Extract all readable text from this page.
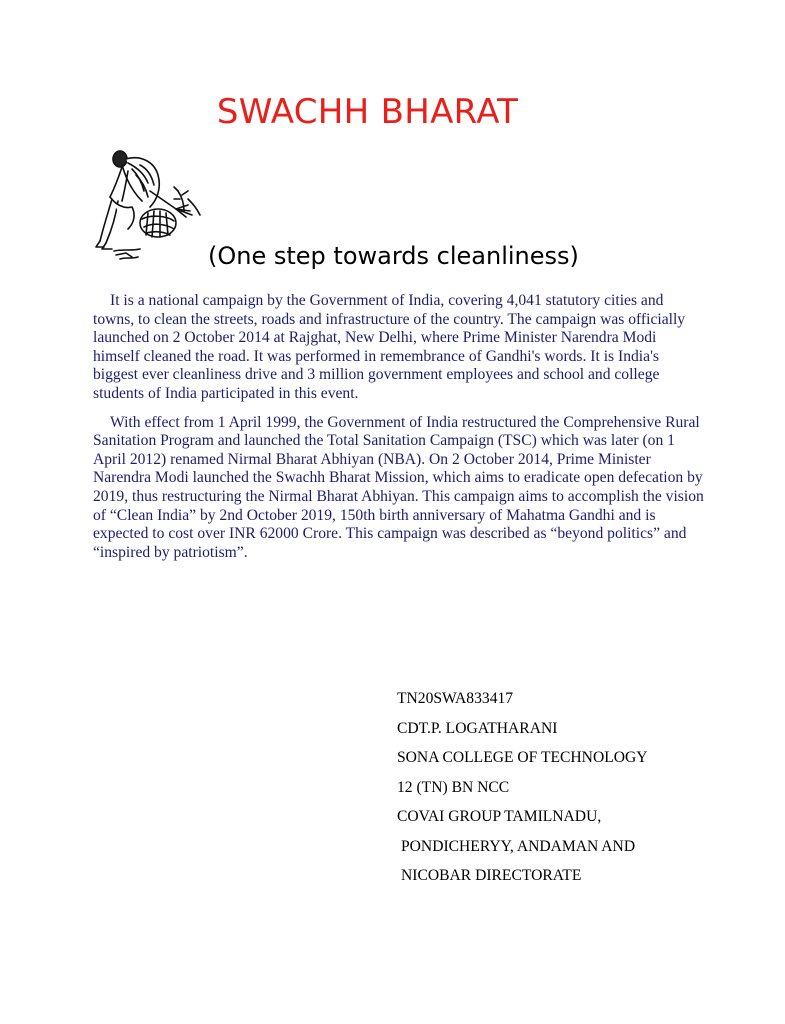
SWACHH BHARAT
(One step towards cleanliness)

It is a national campaign by the Government of India, covering 4,041 statutory cities and towns, to clean the streets, roads and infrastructure of the country. The campaign was officially launched on 2 October 2014 at Rajghat, New Delhi, where Prime Minister Narendra Modi himself cleaned the road. It was performed in remembrance of Gandhi's words. It is India's biggest ever cleanliness drive and 3 million government employees and school and college students of India participated in this event.

With effect from 1 April 1999, the Government of India restructured the Comprehensive Rural Sanitation Program and launched the Total Sanitation Campaign (TSC) which was later (on 1 April 2012) renamed Nirmal Bharat Abhiyan (NBA). On 2 October 2014, Prime Minister Narendra Modi launched the Swachh Bharat Mission, which aims to eradicate open defecation by 2019, thus restructuring the Nirmal Bharat Abhiyan. This campaign aims to accomplish the vision of “Clean India” by 2nd October 2019, 150th birth anniversary of Mahatma Gandhi and is expected to cost over INR 62000 Crore. This campaign was described as “beyond politics” and “inspired by patriotism”.

TN20SWA833417
CDT.P. LOGATHARANI
SONA COLLEGE OF TECHNOLOGY
12 (TN) BN NCC
COVAI GROUP TAMILNADU,
PONDICHERYY, ANDAMAN AND
NICOBAR DIRECTORATE
